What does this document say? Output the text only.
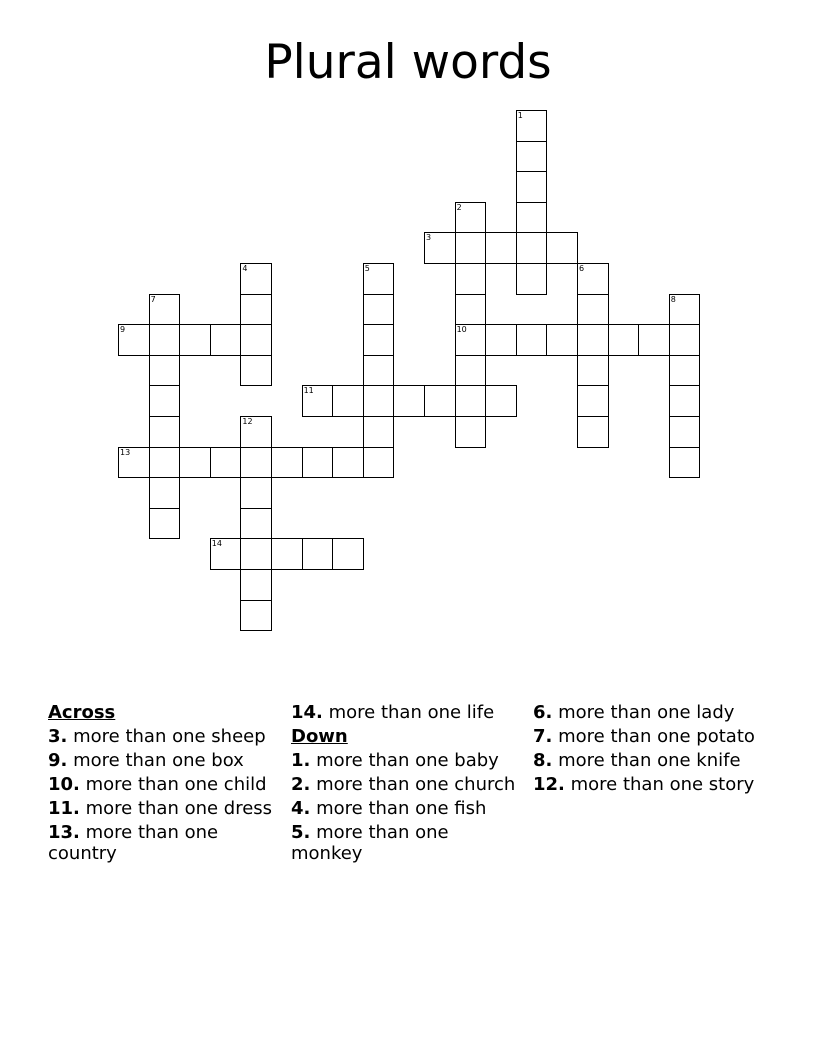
Plural words
1
2
10
3
4	5	6
7	8
9
11
12
13
14
Across
3. more than one sheep
9. more than one box
10. more than one child
11. more than one dress
13. more than one country
14. more than one life
Down
1. more than one baby
2. more than one church
4. more than one fish
5. more than one monkey
6. more than one lady
7. more than one potato
8. more than one knife
12. more than one story
